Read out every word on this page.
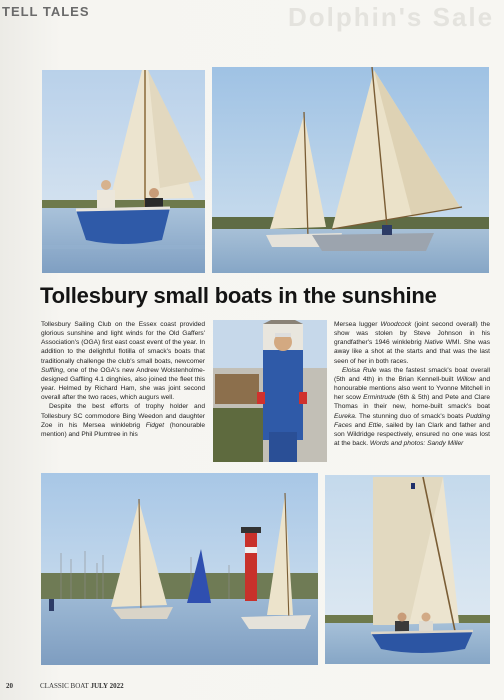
Dolphin's Sale
TELL TALES
Tollesbury small boats in the sunshine

Tollesbury Sailing Club on the Essex coast provided glorious sunshine and light winds for the Old Gaffers' Association's (OGA) first east coast event of the year. In addition to the delightful flotilla of smack's boats that traditionally challenge the club's small boats, newcomer Suffling, one of the OGA's new Andrew Wolstenholme-designed Gaffling 4.1 dinghies, also joined the fleet this year. Helmed by Richard Ham, she was joint second overall after the two races, which augurs well.

Despite the best efforts of trophy holder and Tollesbury SC commodore Bing Weedon and daughter Zoe in his Mersea winklebrig Fidget (honourable mention) and Phil Plumtree in his

Mersea lugger Woodcock (joint second overall) the show was stolen by Steve Johnson in his grandfather's 1946 winklebrig Native WMI. She was away like a shot at the starts and that was the last seen of her in both races.

Eloisa Rule was the fastest smack's boat overall (5th and 4th) in the Brian Kennell-built Willow and honourable mentions also went to Yvonne Mitchell in her scow Ermintrude (6th & 5th) and Pete and Clare Thomas in their new, home-built smack's boat Eureka. The stunning duo of smack's boats Pudding Faces and Ettie, sailed by Ian Clark and father and son Wildridge respectively, ensured no one was lost at the back. Words and photos: Sandy Miller

20	CLASSIC BOAT JULY 2022
